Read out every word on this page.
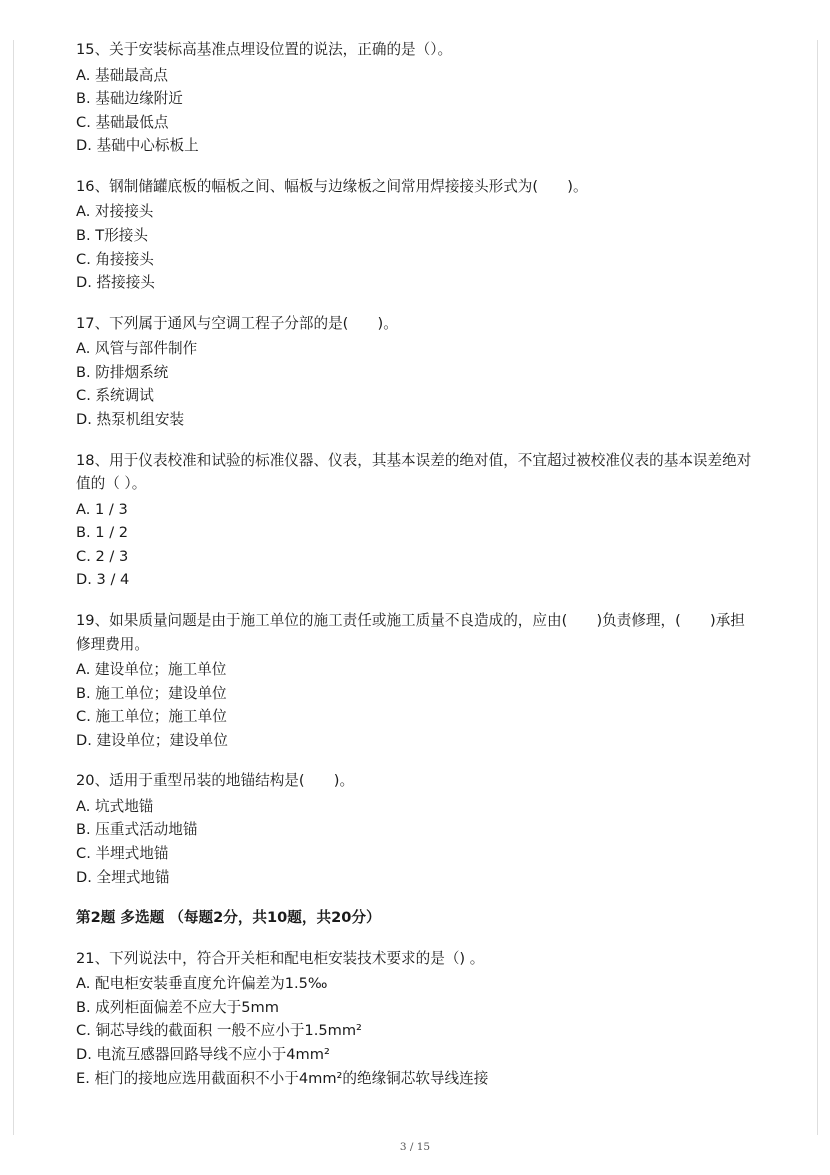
15、关于安装标高基准点埋设位置的说法，正确的是（）。
A. 基础最高点
B. 基础边缘附近
C. 基础最低点
D. 基础中心标板上
16、钢制储罐底板的幅板之间、幅板与边缘板之间常用焊接接头形式为(　　)。
A. 对接接头
B. T形接头
C. 角接接头
D. 搭接接头
17、下列属于通风与空调工程子分部的是(　　)。
A. 风管与部件制作
B. 防排烟系统
C. 系统调试
D. 热泵机组安装
18、用于仪表校准和试验的标准仪器、仪表，其基本误差的绝对值，不宜超过被校准仪表的基本误差绝对值的（ ）。
A. 1 / 3
B. 1 / 2
C. 2 / 3
D. 3 / 4
19、如果质量问题是由于施工单位的施工责任或施工质量不良造成的，应由(　　)负责修理，(　　)承担修理费用。
A. 建设单位；施工单位
B. 施工单位；建设单位
C. 施工单位；施工单位
D. 建设单位；建设单位
20、适用于重型吊装的地锚结构是(　　)。
A. 坑式地锚
B. 压重式活动地锚
C. 半埋式地锚
D. 全埋式地锚
第2题 多选题 （每题2分，共10题，共20分）
21、下列说法中，符合开关柜和配电柜安装技术要求的是（) 。
A. 配电柜安装垂直度允许偏差为1.5‰
B. 成列柜面偏差不应大于5mm
C. 铜芯导线的截面积 一般不应小于1.5mm²
D. 电流互感器回路导线不应小于4mm²
E. 柜门的接地应选用截面积不小于4mm²的绝缘铜芯软导线连接
3 / 15
